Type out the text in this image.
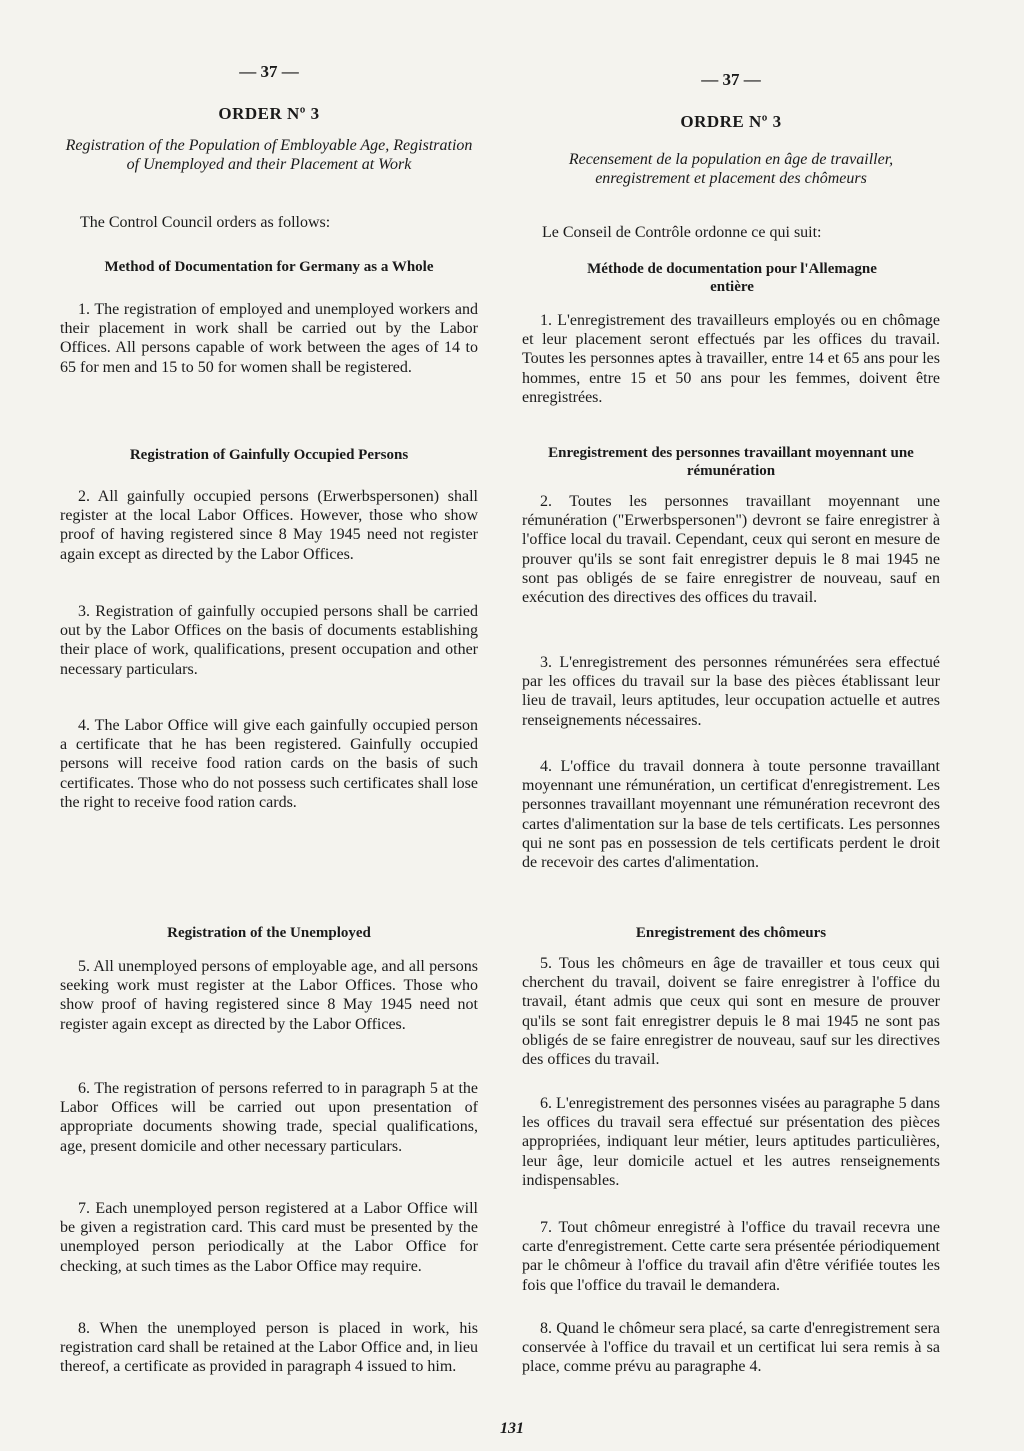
— 37 —
ORDER Nº 3
Registration of the Population of Embloyable Age, Registration of Unemployed and their Placement at Work
The Control Council orders as follows:
Method of Documentation for Germany as a Whole

1. The registration of employed and unemployed workers and their placement in work shall be carried out by the Labor Offices. All persons capable of work between the ages of 14 to 65 for men and 15 to 50 for women shall be registered.

Registration of Gainfully Occupied Persons

2. All gainfully occupied persons (Erwerbspersonen) shall register at the local Labor Offices. However, those who show proof of having registered since 8 May 1945 need not register again except as directed by the Labor Offices.

3. Registration of gainfully occupied persons shall be carried out by the Labor Offices on the basis of documents establishing their place of work, qualifications, present occupation and other necessary particulars.

4. The Labor Office will give each gainfully occupied person a certificate that he has been registered. Gainfully occupied persons will receive food ration cards on the basis of such certificates. Those who do not possess such certificates shall lose the right to receive food ration cards.

Registration of the Unemployed

5. All unemployed persons of employable age, and all persons seeking work must register at the Labor Offices. Those who show proof of having registered since 8 May 1945 need not register again except as directed by the Labor Offices.

6. The registration of persons referred to in paragraph 5 at the Labor Offices will be carried out upon presentation of appropriate documents showing trade, special qualifications, age, present domicile and other necessary particulars.

7. Each unemployed person registered at a Labor Office will be given a registration card. This card must be presented by the unemployed person periodically at the Labor Office for checking, at such times as the Labor Office may require.

8. When the unemployed person is placed in work, his registration card shall be retained at the Labor Office and, in lieu thereof, a certificate as provided in paragraph 4 issued to him.

— 37 —
ORDRE Nº 3
Recensement de la population en âge de travailler, enregistrement et placement des chômeurs
Le Conseil de Contrôle ordonne ce qui suit:
Méthode de documentation pour l'Allemagne entière

1. L'enregistrement des travailleurs employés ou en chômage et leur placement seront effectués par les offices du travail. Toutes les personnes aptes à travailler, entre 14 et 65 ans pour les hommes, entre 15 et 50 ans pour les femmes, doivent être enregistrées.

Enregistrement des personnes travaillant moyennant une rémunération

2. Toutes les personnes travaillant moyennant une rémunération ("Erwerbspersonen") devront se faire enregistrer à l'office local du travail. Cependant, ceux qui seront en mesure de prouver qu'ils se sont fait enregistrer depuis le 8 mai 1945 ne sont pas obligés de se faire enregistrer de nouveau, sauf en exécution des directives des offices du travail.

3. L'enregistrement des personnes rémunérées sera effectué par les offices du travail sur la base des pièces établissant leur lieu de travail, leurs aptitudes, leur occupation actuelle et autres renseignements nécessaires.

4. L'office du travail donnera à toute personne travaillant moyennant une rémunération, un certificat d'enregistrement. Les personnes travaillant moyennant une rémunération recevront des cartes d'alimentation sur la base de tels certificats. Les personnes qui ne sont pas en possession de tels certificats perdent le droit de recevoir des cartes d'alimentation.

Enregistrement des chômeurs

5. Tous les chômeurs en âge de travailler et tous ceux qui cherchent du travail, doivent se faire enregistrer à l'office du travail, étant admis que ceux qui sont en mesure de prouver qu'ils se sont fait enregistrer depuis le 8 mai 1945 ne sont pas obligés de se faire enregistrer de nouveau, sauf sur les directives des offices du travail.

6. L'enregistrement des personnes visées au paragraphe 5 dans les offices du travail sera effectué sur présentation des pièces appropriées, indiquant leur métier, leurs aptitudes particulières, leur âge, leur domicile actuel et les autres renseignements indispensables.

7. Tout chômeur enregistré à l'office du travail recevra une carte d'enregistrement. Cette carte sera présentée périodiquement par le chômeur à l'office du travail afin d'être vérifiée toutes les fois que l'office du travail le demandera.

8. Quand le chômeur sera placé, sa carte d'enregistrement sera conservée à l'office du travail et un certificat lui sera remis à sa place, comme prévu au paragraphe 4.

131
